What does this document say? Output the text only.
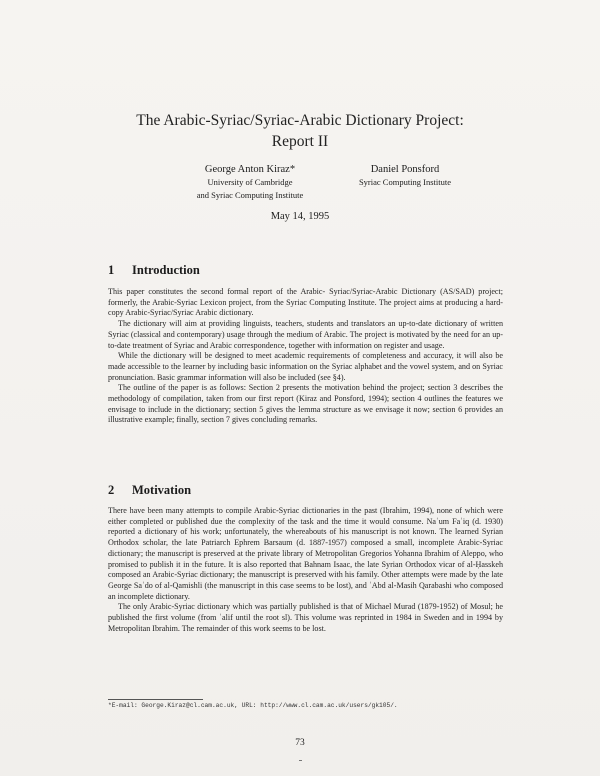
The Arabic-Syriac/Syriac-Arabic Dictionary Project:
Report II
George Anton Kiraz*
University of Cambridge
and Syriac Computing Institute
Daniel Ponsford
Syriac Computing Institute
May 14, 1995
1 Introduction

This paper constitutes the second formal report of the Arabic- Syriac/Syriac-Arabic Dictionary (AS/SAD) project; formerly, the Arabic-Syriac Lexicon project, from the Syriac Computing Institute. The project aims at producing a hard-copy Arabic-Syriac/Syriac Arabic dictionary.

The dictionary will aim at providing linguists, teachers, students and translators an up-to-date dictionary of written Syriac (classical and contemporary) usage through the medium of Arabic. The project is motivated by the need for an up-to-date treatment of Syriac and Arabic correspondence, together with information on register and usage.

While the dictionary will be designed to meet academic requirements of completeness and accuracy, it will also be made accessible to the learner by including basic information on the Syriac alphabet and the vowel system, and on Syriac pronunciation. Basic grammar information will also be included (see §4).

The outline of the paper is as follows: Section 2 presents the motivation behind the project; section 3 describes the methodology of compilation, taken from our first report (Kiraz and Ponsford, 1994); section 4 outlines the features we envisage to include in the dictionary; section 5 gives the lemma structure as we envisage it now; section 6 provides an illustrative example; finally, section 7 gives concluding remarks.

2 Motivation

There have been many attempts to compile Arabic-Syriac dictionaries in the past (Ibrahim, 1994), none of which were either completed or published due the complexity of the task and the time it would consume. Naʿum Faʿiq (d. 1930) reported a dictionary of his work; unfortunately, the whereabouts of his manuscript is not known. The learned Syrian Orthodox scholar, the late Patriarch Ephrem Barsaum (d. 1887-1957) composed a small, incomplete Arabic-Syriac dictionary; the manuscript is preserved at the private library of Metropolitan Gregorios Yohanna Ibrahim of Aleppo, who promised to publish it in the future. It is also reported that Bahnam Isaac, the late Syrian Orthodox vicar of al-Ḥasskeh composed an Arabic-Syriac dictionary; the manuscript is preserved with his family. Other attempts were made by the late George Saʿdo of al-Qamishli (the manuscript in this case seems to be lost), and ʿAbd al-Masih Qarabashi who composed an incomplete dictionary.

The only Arabic-Syriac dictionary which was partially published is that of Michael Murad (1879-1952) of Mosul; he published the first volume (from ʾalif until the root sl). This volume was reprinted in 1984 in Sweden and in 1994 by Metropolitan Ibrahim. The remainder of this work seems to be lost.

*E-mail: George.Kiraz@cl.cam.ac.uk, URL: http://www.cl.cam.ac.uk/users/gk105/.
73
